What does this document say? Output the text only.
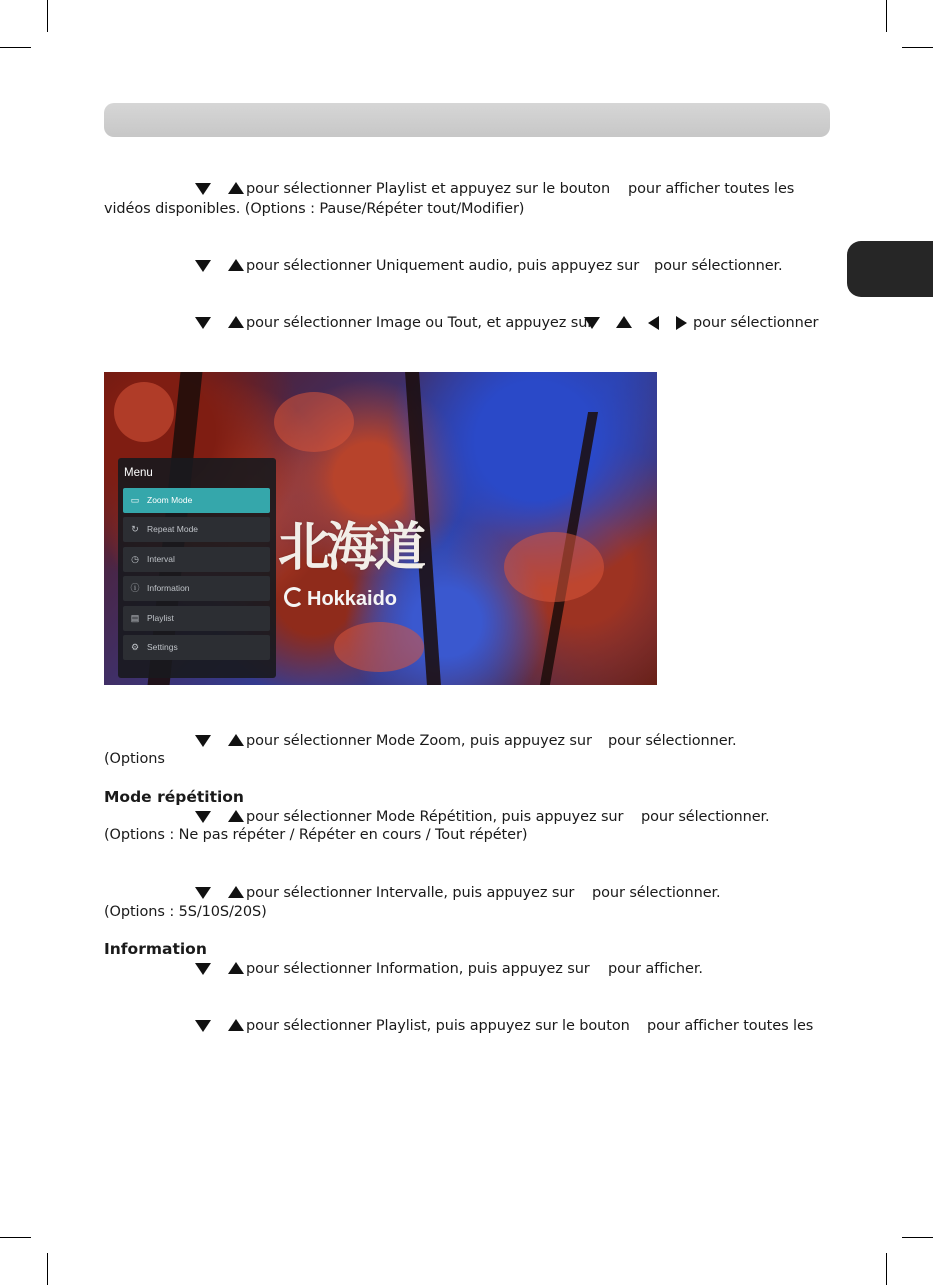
pour sélectionner Playlist et appuyez sur le bouton pour afficher toutes les
vidéos disponibles. (Options : Pause/Répéter tout/Modifier)
pour sélectionner Uniquement audio, puis appuyez sur pour sélectionner.
pour sélectionner Image ou Tout, et appuyez sur	pour sélectionner
北海道
Hokkaido
Menu
▭ Zoom Mode
↻ Repeat Mode
◷ Interval
ⓘ Information
▤ Playlist
⚙ Settings
pour sélectionner Mode Zoom, puis appuyez sur pour sélectionner.
(Options
Mode répétition
pour sélectionner Mode Répétition, puis appuyez sur pour sélectionner.
(Options : Ne pas répéter / Répéter en cours / Tout répéter)
pour sélectionner Intervalle, puis appuyez sur pour sélectionner.
(Options : 5S/10S/20S)
Information
pour sélectionner Information, puis appuyez sur pour afficher.
pour sélectionner Playlist, puis appuyez sur le bouton pour afficher toutes les
